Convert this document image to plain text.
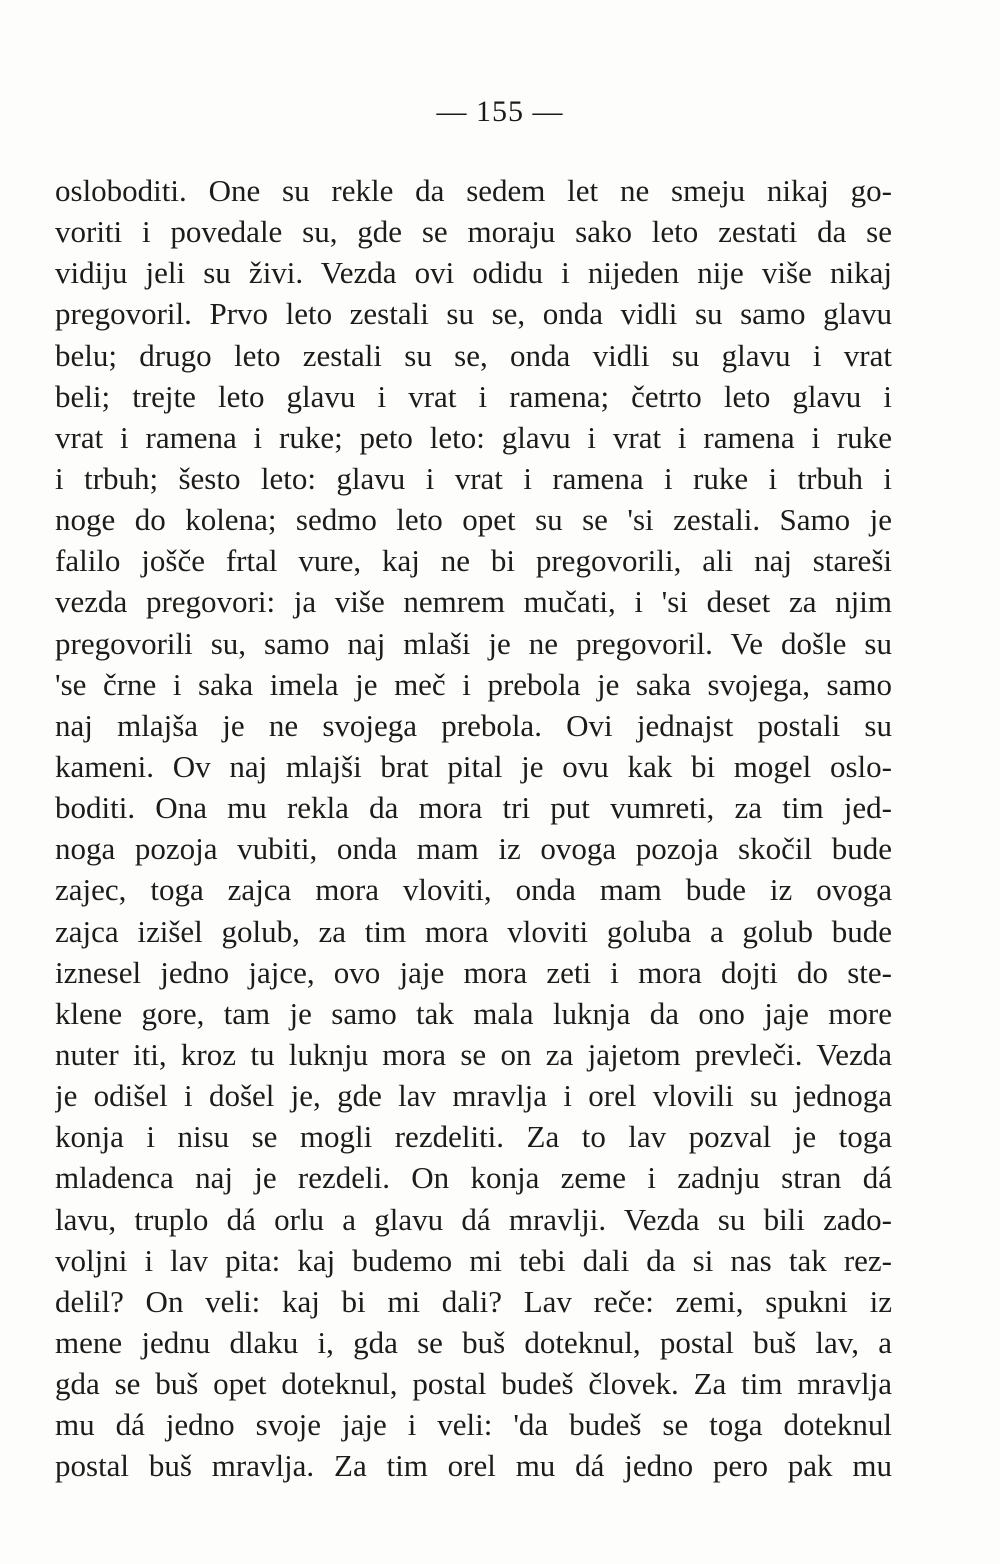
— 155 —
osloboditi. One su rekle da sedem let ne smeju nikaj go-
voriti i povedale su, gde se moraju sako leto zestati da se
vidiju jeli su živi. Vezda ovi odidu i nijeden nije više nikaj
pregovoril. Prvo leto zestali su se, onda vidli su samo glavu
belu; drugo leto zestali su se, onda vidli su glavu i vrat
beli; trejte leto glavu i vrat i ramena; četrto leto glavu i
vrat i ramena i ruke; peto leto: glavu i vrat i ramena i ruke
i trbuh; šesto leto: glavu i vrat i ramena i ruke i trbuh i
noge do kolena; sedmo leto opet su se 'si zestali. Samo je
falilo jošče frtal vure, kaj ne bi pregovorili, ali naj stareši
vezda pregovori: ja više nemrem mučati, i 'si deset za njim
pregovorili su, samo naj mlaši je ne pregovoril. Ve došle su
'se črne i saka imela je meč i prebola je saka svojega, samo
naj mlajša je ne svojega prebola. Ovi jednajst postali su
kameni. Ov naj mlajši brat pital je ovu kak bi mogel oslo-
boditi. Ona mu rekla da mora tri put vumreti, za tim jed-
noga pozoja vubiti, onda mam iz ovoga pozoja skočil bude
zajec, toga zajca mora vloviti, onda mam bude iz ovoga
zajca izišel golub, za tim mora vloviti goluba a golub bude
iznesel jedno jajce, ovo jaje mora zeti i mora dojti do ste-
klene gore, tam je samo tak mala luknja da ono jaje more
nuter iti, kroz tu luknju mora se on za jajetom prevleči. Vezda
je odišel i došel je, gde lav mravlja i orel vlovili su jednoga
konja i nisu se mogli rezdeliti. Za to lav pozval je toga
mladenca naj je rezdeli. On konja zeme i zadnju stran dá
lavu, truplo dá orlu a glavu dá mravlji. Vezda su bili zado-
voljni i lav pita: kaj budemo mi tebi dali da si nas tak rez-
delil? On veli: kaj bi mi dali? Lav reče: zemi, spukni iz
mene jednu dlaku i, gda se buš doteknul, postal buš lav, a
gda se buš opet doteknul, postal budeš človek. Za tim mravlja
mu dá jedno svoje jaje i veli: 'da budeš se toga doteknul
postal buš mravlja. Za tim orel mu dá jedno pero pak mu
